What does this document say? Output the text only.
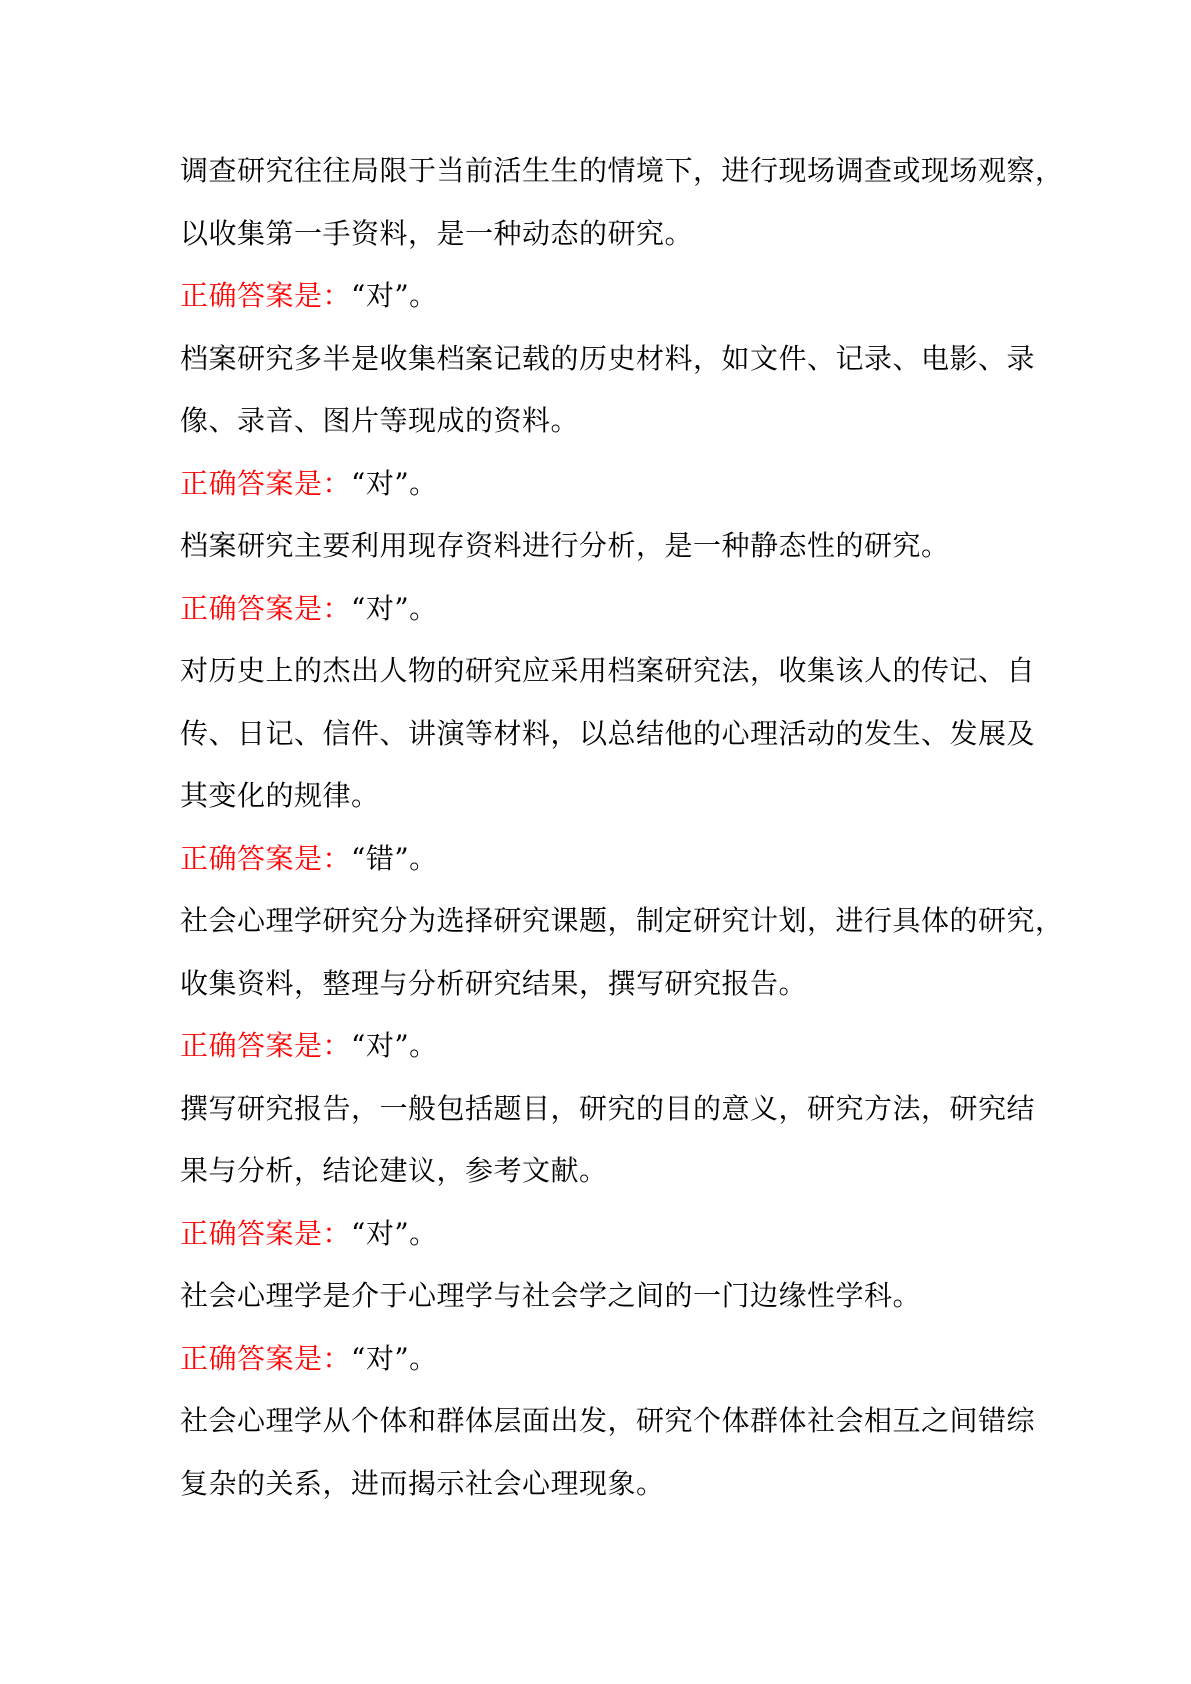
调查研究往往局限于当前活生生的情境下，进行现场调查或现场观察，
以收集第一手资料，是一种动态的研究。
正确答案是：“对”。
档案研究多半是收集档案记载的历史材料，如文件、记录、电影、录
像、录音、图片等现成的资料。
正确答案是：“对”。
档案研究主要利用现存资料进行分析，是一种静态性的研究。
正确答案是：“对”。
对历史上的杰出人物的研究应采用档案研究法，收集该人的传记、自
传、日记、信件、讲演等材料，以总结他的心理活动的发生、发展及
其变化的规律。
正确答案是：“错”。
社会心理学研究分为选择研究课题，制定研究计划，进行具体的研究，
收集资料，整理与分析研究结果，撰写研究报告。
正确答案是：“对”。
撰写研究报告，一般包括题目，研究的目的意义，研究方法，研究结
果与分析，结论建议，参考文献。
正确答案是：“对”。
社会心理学是介于心理学与社会学之间的一门边缘性学科。
正确答案是：“对”。
社会心理学从个体和群体层面出发，研究个体群体社会相互之间错综
复杂的关系，进而揭示社会心理现象。
